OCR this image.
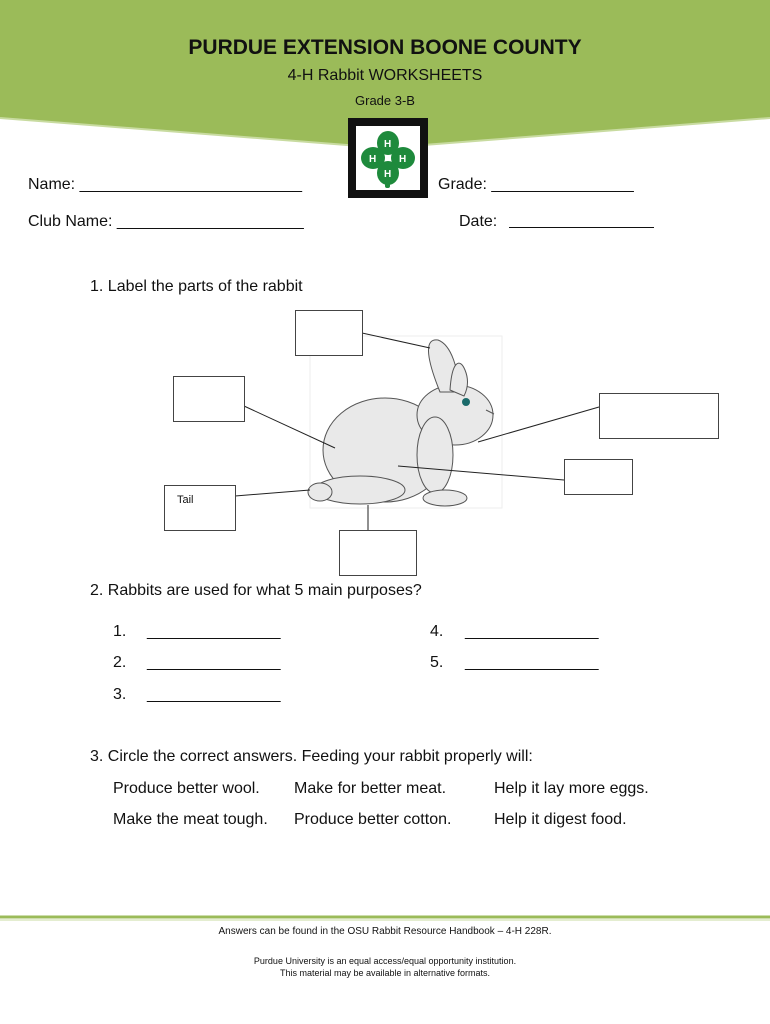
PURDUE EXTENSION BOONE COUNTY
4-H Rabbit WORKSHEETS
Grade 3-B
H
H
H
H
Name: _________________________	Grade: ________________
Club Name: _____________________	Date:
1. Label the parts of the rabbit
Tail
2. Rabbits are used for what 5 main purposes?
1. _______________
2. _______________
3. _______________
4. _______________
5. _______________
3. Circle the correct answers. Feeding your rabbit properly will:
Produce better wool. Make for better meat.	Help it lay more eggs.
Make the meat tough. Produce better cotton.	Help it digest food.
Answers can be found in the OSU Rabbit Resource Handbook – 4-H 228R.
Purdue University is an equal access/equal opportunity institution.
This material may be available in alternative formats.
